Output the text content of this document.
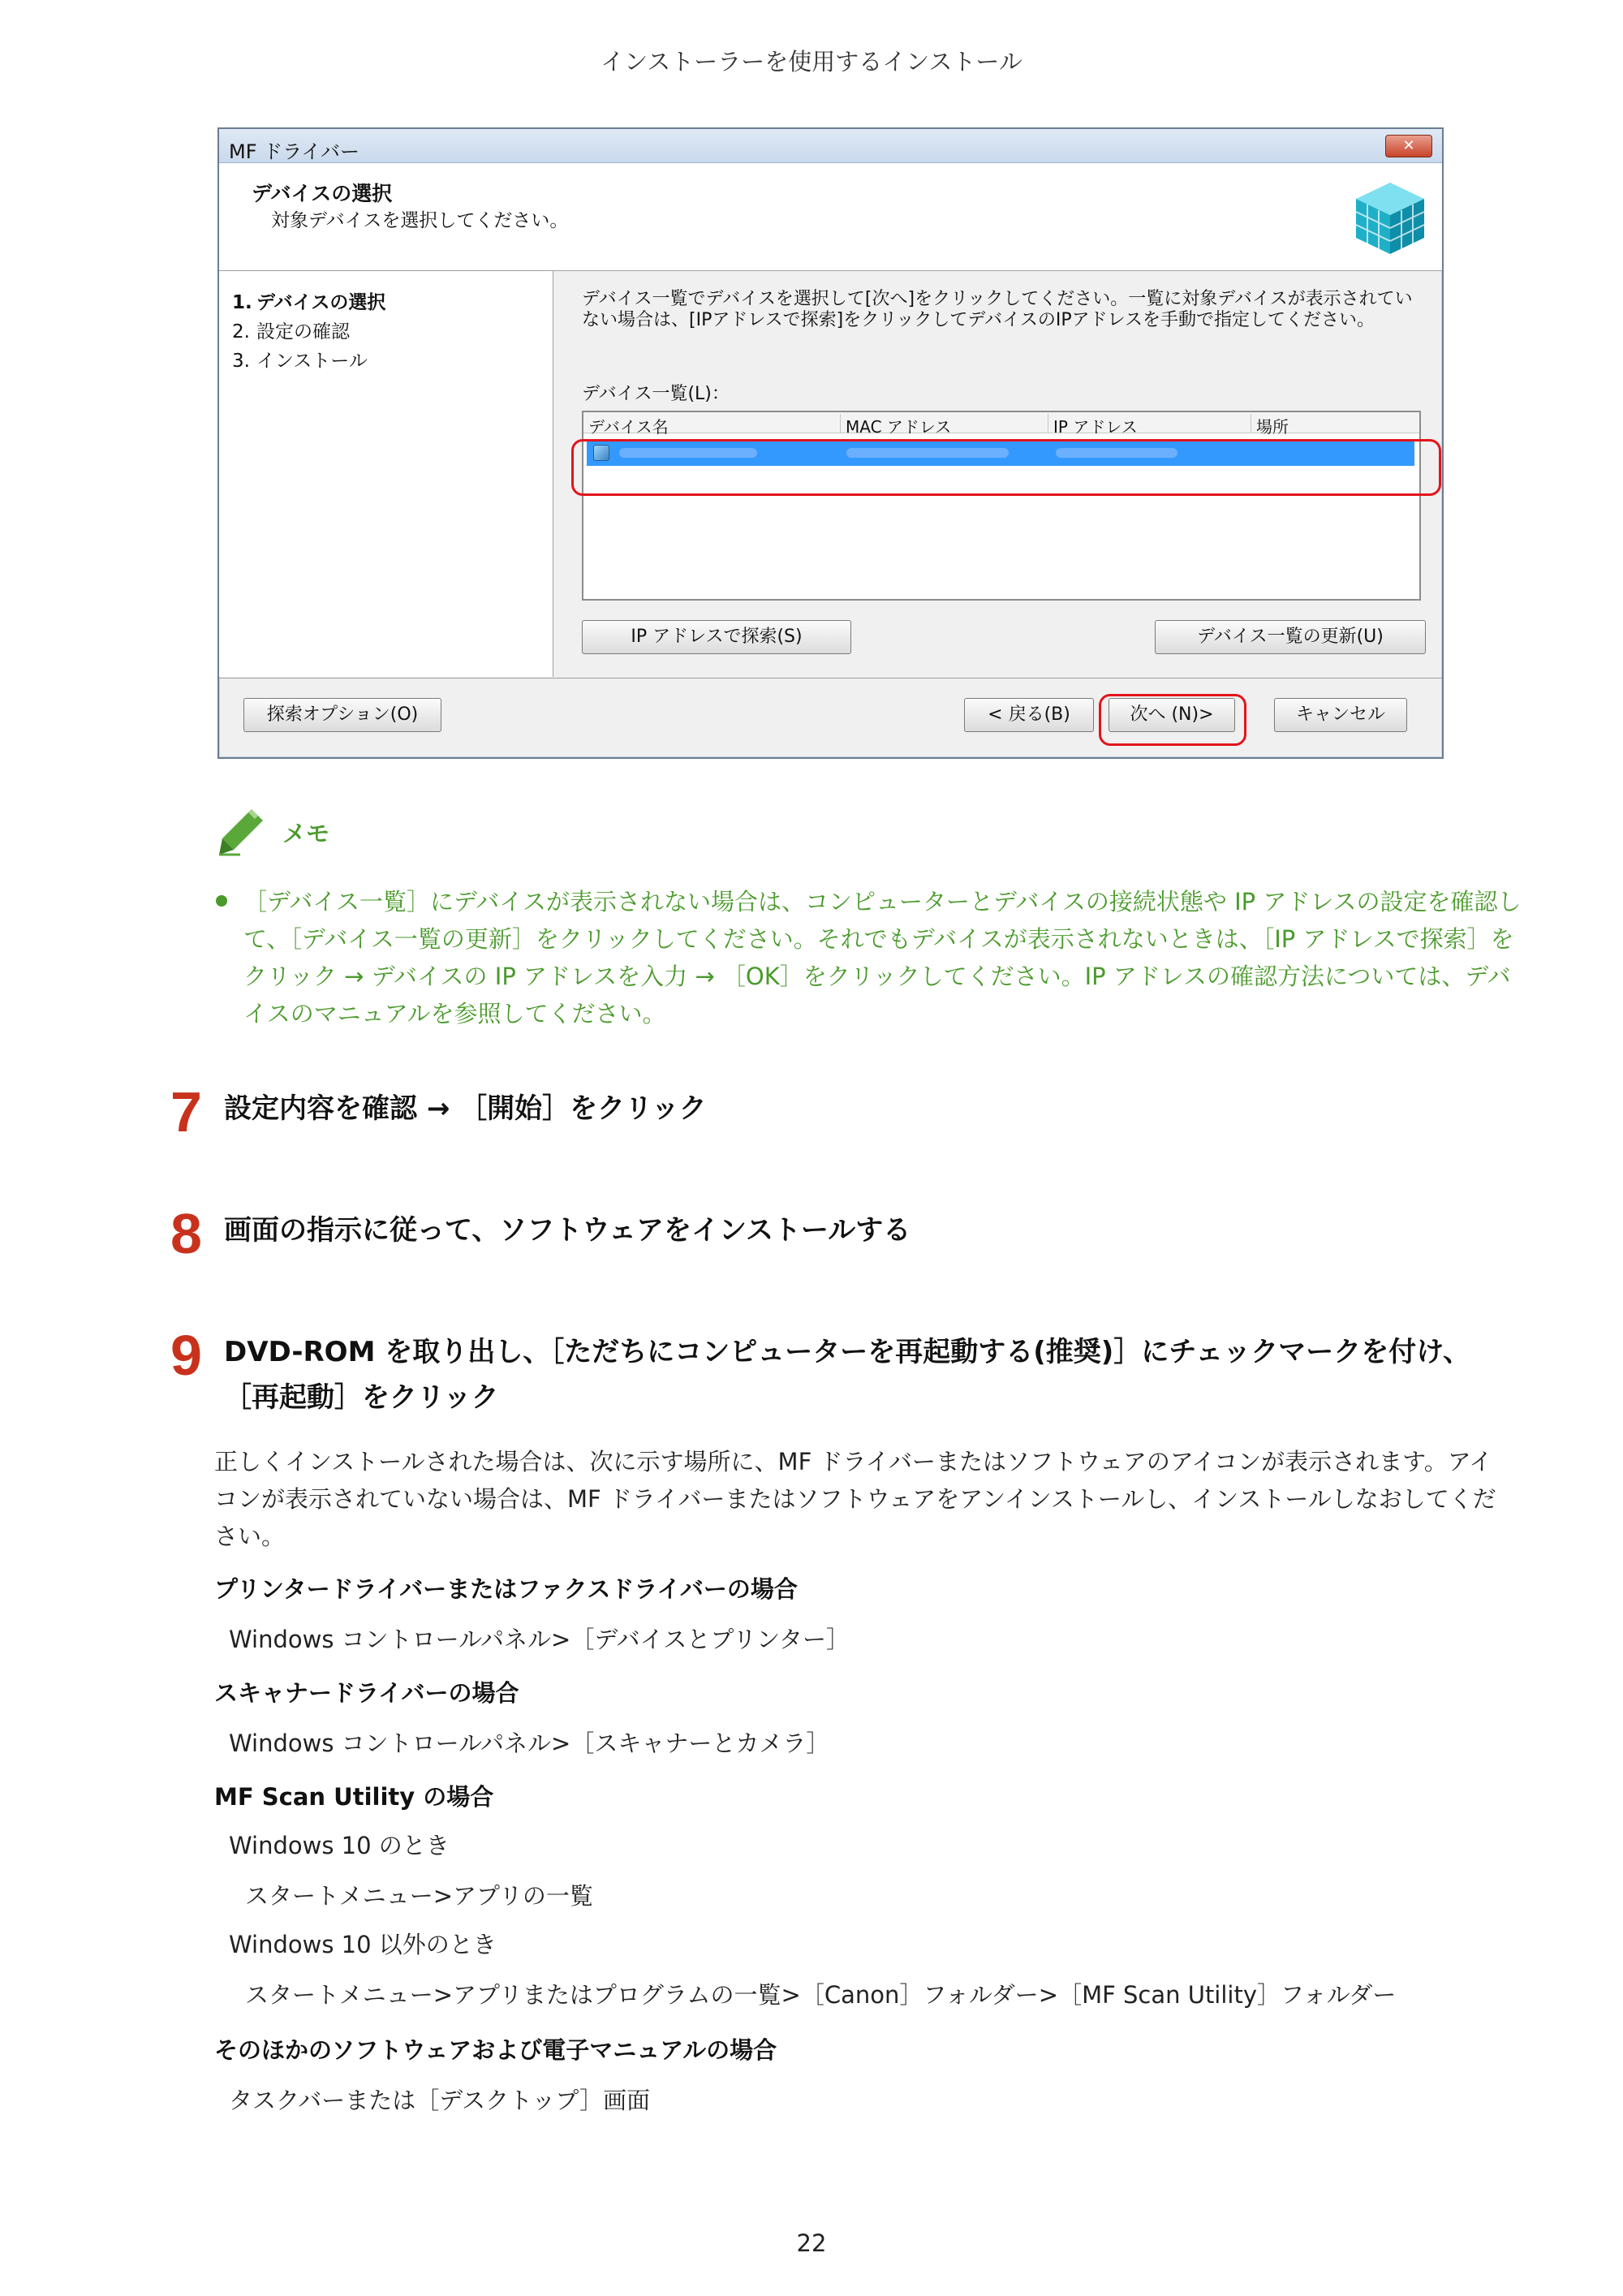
インストーラーを使用するインストール
MF ドライバー	✕
デバイスの選択
対象デバイスを選択してください。
1. デバイスの選択
2. 設定の確認
3. インストール
デバイス一覧でデバイスを選択して[次へ]をクリックしてください。一覧に対象デバイスが表示されていない場合は、[IPアドレスで探索]をクリックしてデバイスのIPアドレスを手動で指定してください。
デバイス一覧(L)：
デバイス名	MAC アドレス	IP アドレス	場所
IP アドレスで探索(S)	デバイス一覧の更新(U)
探索オプション(O)	< 戻る(B)	次へ (N)>	キャンセル
メモ
［デバイス一覧］にデバイスが表示されない場合は、コンピューターとデバイスの接続状態や IP アドレスの設定を確認して、［デバイス一覧の更新］をクリックしてください。それでもデバイスが表示されないときは、［IP アドレスで探索］をクリック → デバイスの IP アドレスを入力 → ［OK］をクリックしてください。IP アドレスの確認方法については、デバイスのマニュアルを参照してください。
7 設定内容を確認 → ［開始］をクリック
8 画面の指示に従って、ソフトウェアをインストールする
9 DVD-ROM を取り出し、［ただちにコンピューターを再起動する(推奨)］にチェックマークを付け、
［再起動］をクリック
正しくインストールされた場合は、次に示す場所に、MF ドライバーまたはソフトウェアのアイコンが表示されます。アイコンが表示されていない場合は、MF ドライバーまたはソフトウェアをアンインストールし、インストールしなおしてください。
プリンタードライバーまたはファクスドライバーの場合
Windows コントロールパネル>［デバイスとプリンター］
スキャナードライバーの場合
Windows コントロールパネル>［スキャナーとカメラ］
MF Scan Utility の場合
Windows 10 のとき
スタートメニュー>アプリの一覧
Windows 10 以外のとき
スタートメニュー>アプリまたはプログラムの一覧>［Canon］フォルダー>［MF Scan Utility］フォルダー
そのほかのソフトウェアおよび電子マニュアルの場合
タスクバーまたは［デスクトップ］画面
22
